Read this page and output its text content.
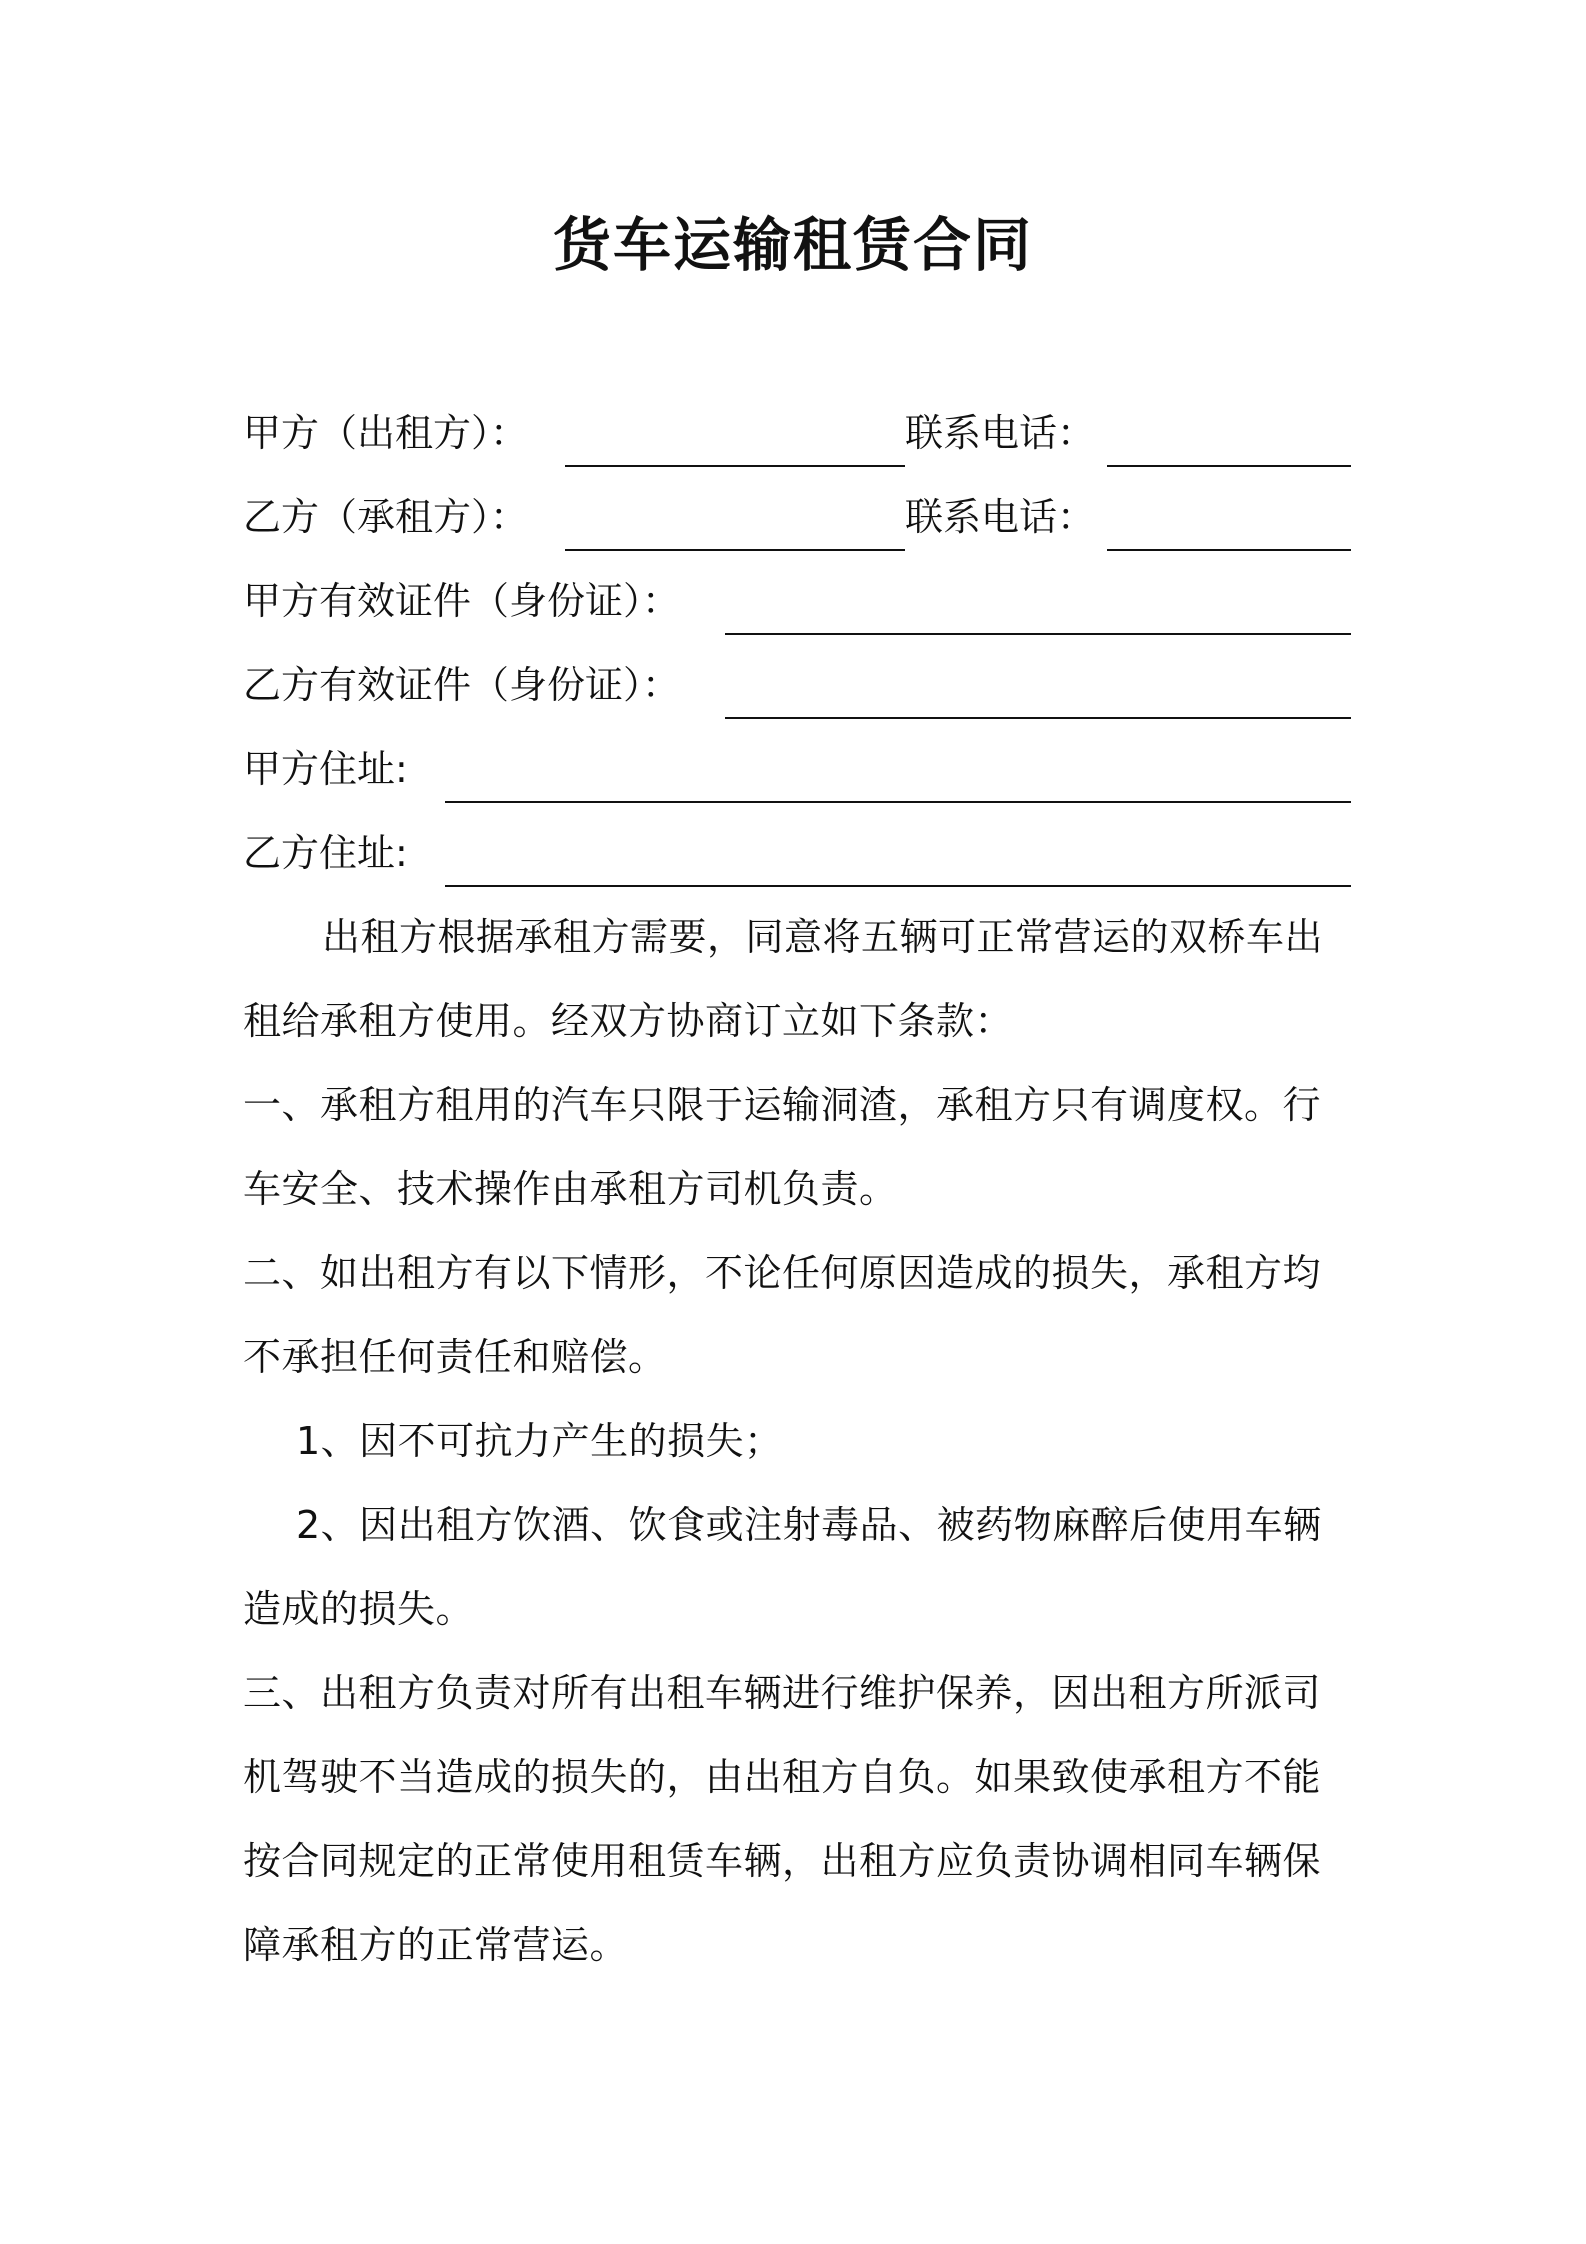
货车运输租赁合同
甲方（出租方）：	联系电话：
乙方（承租方）：	联系电话：
甲方有效证件（身份证）：
乙方有效证件（身份证）：
甲方住址:
乙方住址:
出租方根据承租方需要，同意将五辆可正常营运的双桥车出
租给承租方使用。经双方协商订立如下条款：
一、承租方租用的汽车只限于运输洞渣，承租方只有调度权。行
车安全、技术操作由承租方司机负责。
二、如出租方有以下情形，不论任何原因造成的损失，承租方均
不承担任何责任和赔偿。
1、因不可抗力产生的损失；
2、因出租方饮酒、饮食或注射毒品、被药物麻醉后使用车辆
造成的损失。
三、出租方负责对所有出租车辆进行维护保养，因出租方所派司
机驾驶不当造成的损失的，由出租方自负。如果致使承租方不能
按合同规定的正常使用租赁车辆，出租方应负责协调相同车辆保
障承租方的正常营运。
